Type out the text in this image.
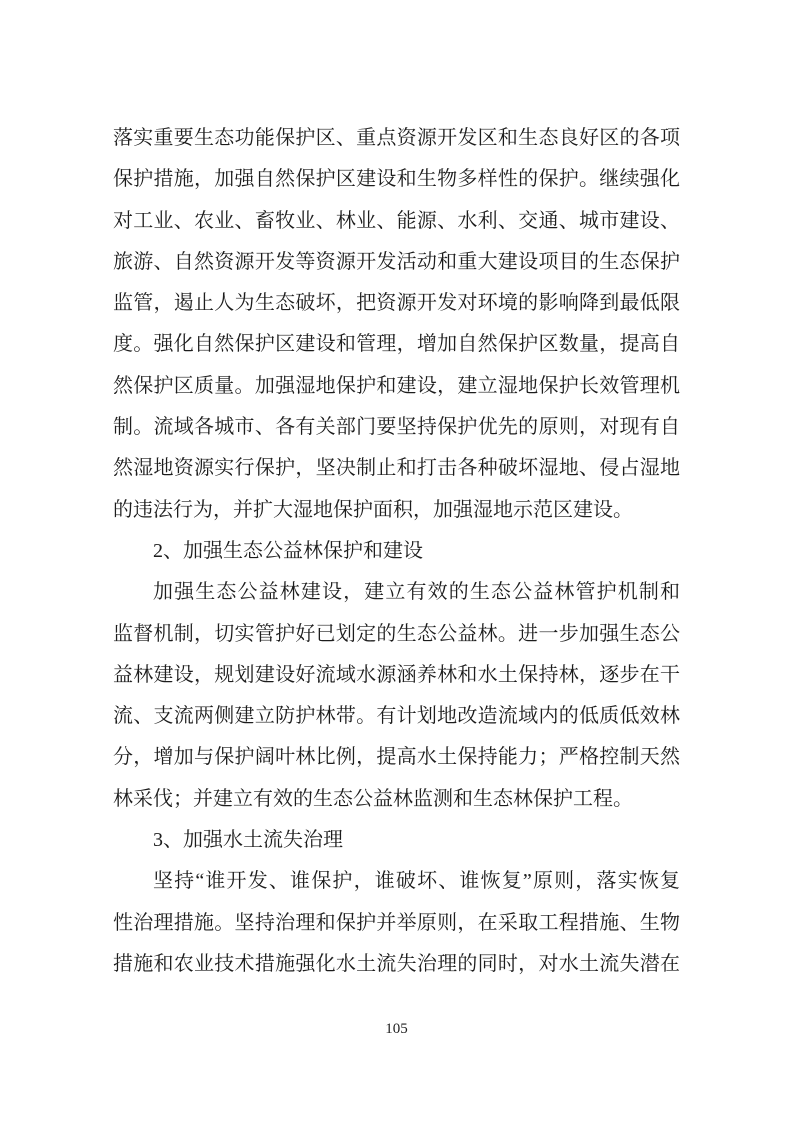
落实重要生态功能保护区、重点资源开发区和生态良好区的各项
保护措施，加强自然保护区建设和生物多样性的保护。继续强化
对工业、农业、畜牧业、林业、能源、水利、交通、城市建设、
旅游、自然资源开发等资源开发活动和重大建设项目的生态保护
监管，遏止人为生态破坏，把资源开发对环境的影响降到最低限
度。强化自然保护区建设和管理，增加自然保护区数量，提高自
然保护区质量。加强湿地保护和建设，建立湿地保护长效管理机
制。流域各城市、各有关部门要坚持保护优先的原则，对现有自
然湿地资源实行保护，坚决制止和打击各种破坏湿地、侵占湿地
的违法行为，并扩大湿地保护面积，加强湿地示范区建设。
2、加强生态公益林保护和建设
加强生态公益林建设，建立有效的生态公益林管护机制和
监督机制，切实管护好已划定的生态公益林。进一步加强生态公
益林建设，规划建设好流域水源涵养林和水土保持林，逐步在干
流、支流两侧建立防护林带。有计划地改造流域内的低质低效林
分，增加与保护阔叶林比例，提高水土保持能力；严格控制天然
林采伐；并建立有效的生态公益林监测和生态林保护工程。
3、加强水土流失治理
坚持“谁开发、谁保护，谁破坏、谁恢复”原则，落实恢复
性治理措施。坚持治理和保护并举原则，在采取工程措施、生物
措施和农业技术措施强化水土流失治理的同时，对水土流失潜在
105
